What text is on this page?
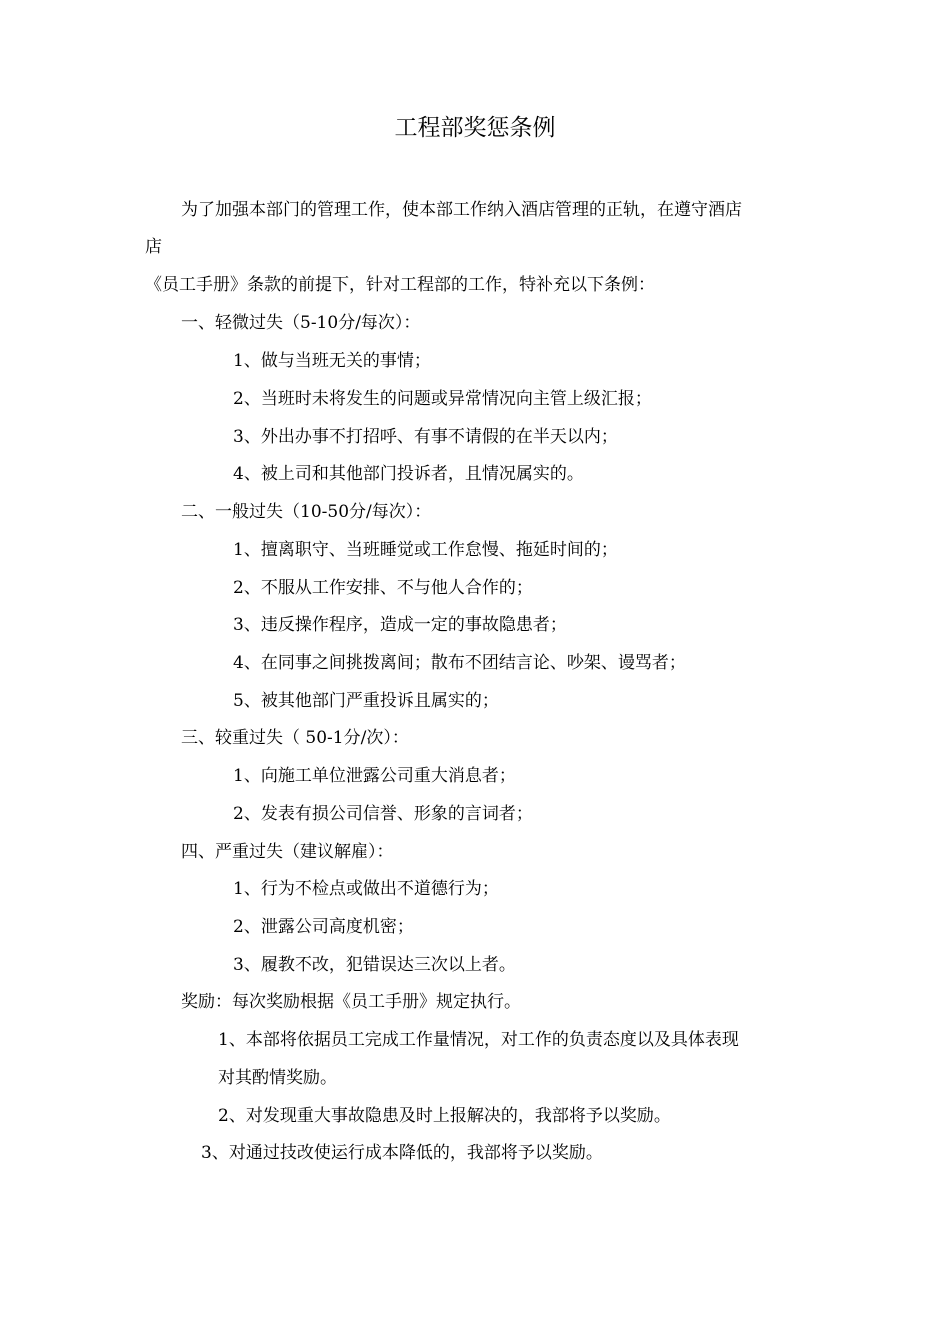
工程部奖惩条例
为了加强本部门的管理工作，使本部工作纳入酒店管理的正轨，在遵守酒店
店
《员工手册》条款的前提下，针对工程部的工作，特补充以下条例：
一、轻微过失（5-10分/每次）：
1、做与当班无关的事情；
2、当班时未将发生的问题或异常情况向主管上级汇报；
3、外出办事不打招呼、有事不请假的在半天以内；
4、被上司和其他部门投诉者，且情况属实的。
二、一般过失（10-50分/每次）：
1、擅离职守、当班睡觉或工作怠慢、拖延时间的；
2、不服从工作安排、不与他人合作的；
3、违反操作程序，造成一定的事故隐患者；
4、在同事之间挑拨离间；散布不团结言论、吵架、谩骂者；
5、被其他部门严重投诉且属实的；
三、较重过失（ 50-1分/次）：
1、向施工单位泄露公司重大消息者；
2、发表有损公司信誉、形象的言词者；
四、严重过失（建议解雇）：
1、行为不检点或做出不道德行为；
2、泄露公司高度机密；
3、履教不改，犯错误达三次以上者。
奖励：每次奖励根据《员工手册》规定执行。
1、本部将依据员工完成工作量情况，对工作的负责态度以及具体表现
对其酌情奖励。
2、对发现重大事故隐患及时上报解决的，我部将予以奖励。
3、对通过技改使运行成本降低的，我部将予以奖励。
